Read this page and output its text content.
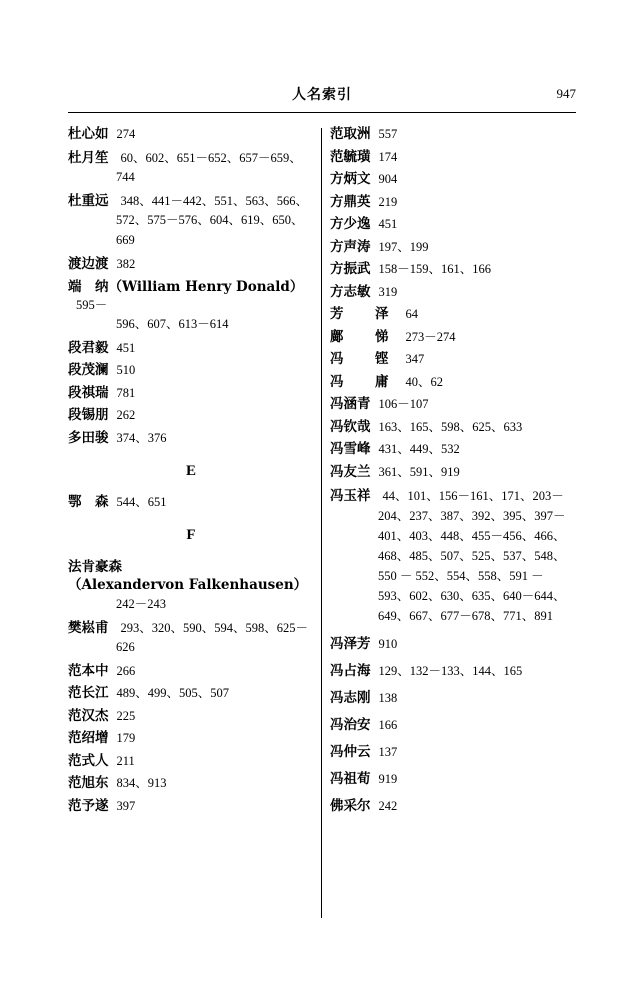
人名索引	947
杜心如 274
杜月笙 60、602、651－652、657－659、
744
杜重远 348、441－442、551、563、566、
572、575－576、604、619、650、
669
渡边渡 382
端　纳（William Henry Donald） 595－
596、607、613－614
段君毅 451
段茂澜 510
段祺瑞 781
段锡朋 262
多田骏 374、376
E
鄂　森 544、651
F
法肯豪森（Alexandervon Falkenhausen）
242－243
樊崧甫 293、320、590、594、598、625－
626
范本中 266
范长江 489、499、505、507
范汉杰 225
范绍增 179
范式人 211
范旭东 834、913
范予遂 397
范取洲 557
范毓璜 174
方炳文 904
方鼎英 219
方少逸 451
方声涛 197、199
方振武 158－159、161、166
方志敏 319
芳　泽 64
鄺　悌 273－274
冯　铿 347
冯　庸 40、62
冯涵青 106－107
冯钦哉 163、165、598、625、633
冯雪峰 431、449、532
冯友兰 361、591、919
冯玉祥 44、101、156－161、171、203－
204、237、387、392、395、397－
401、403、448、455－456、466、
468、485、507、525、537、548、
550 － 552、554、558、591 －
593、602、630、635、640－644、
649、667、677－678、771、891
冯泽芳 910
冯占海 129、132－133、144、165
冯志刚 138
冯治安 166
冯仲云 137
冯祖荀 919
佛采尔 242
